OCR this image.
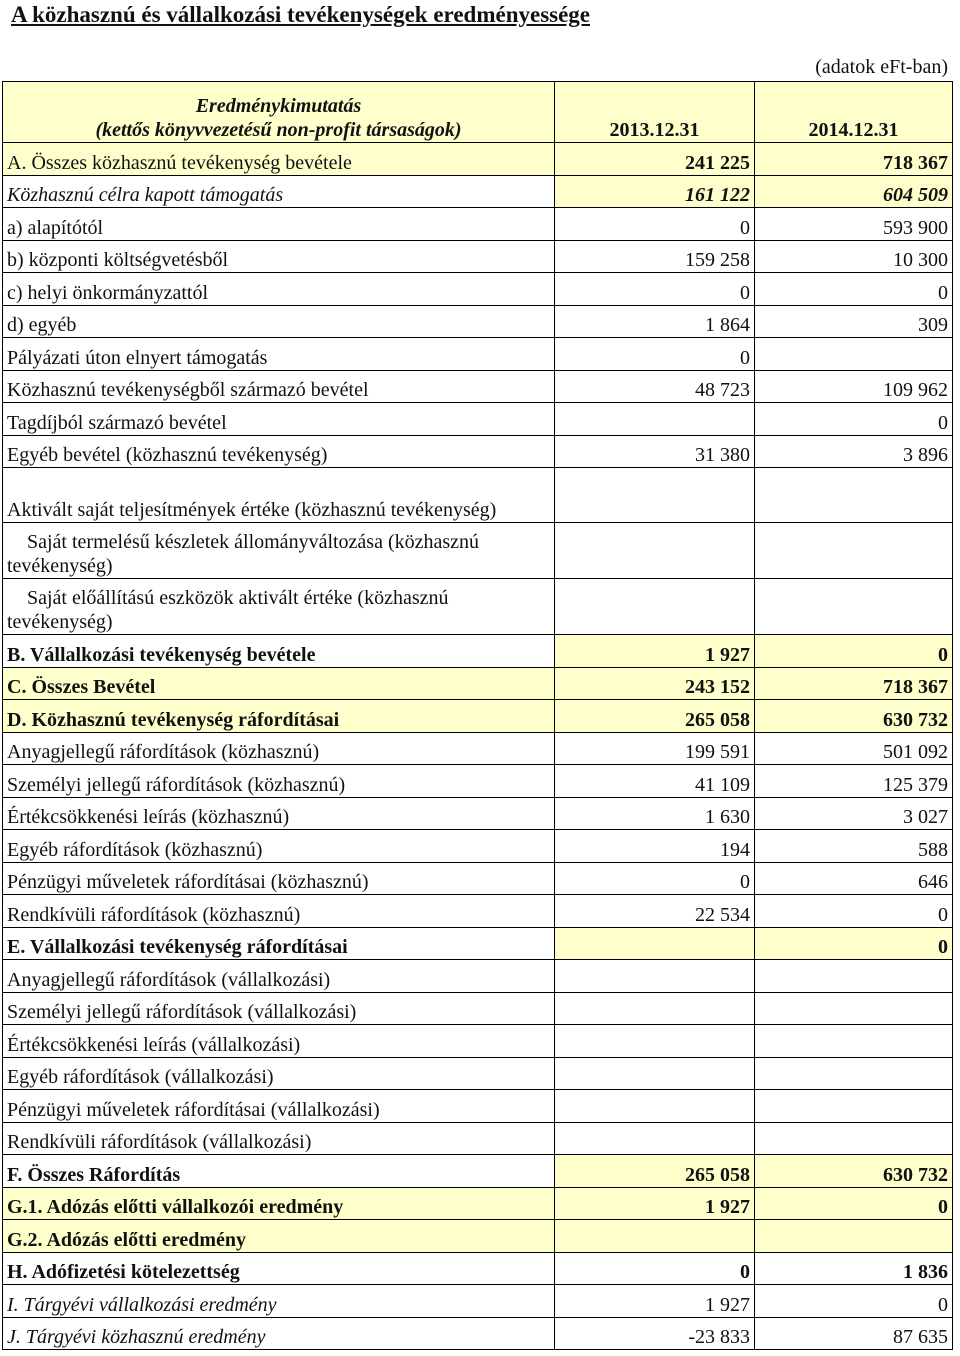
A közhasznú és vállalkozási tevékenységek eredményessége
(adatok eFt-ban)
Eredménykimutatás
(kettős könyvvezetésű non-profit társaságok)	2013.12.31	2014.12.31
A. Összes közhasznú tevékenység bevétele	241 225	718 367
Közhasznú célra kapott támogatás	161 122	604 509
a) alapítótól	0	593 900
b) központi költségvetésből	159 258	10 300
c) helyi önkormányzattól	0	0
d) egyéb	1 864	309
Pályázati úton elnyert támogatás	0	
Közhasznú tevékenységből származó bevétel	48 723	109 962
Tagdíjból származó bevétel		0
Egyéb bevétel (közhasznú tevékenység)	31 380	3 896
Aktivált saját teljesítmények értéke (közhasznú tevékenység)		
Saját termelésű készletek állományváltozása (közhasznú tevékenység)		
Saját előállítású eszközök aktivált értéke (közhasznú tevékenység)		
B. Vállalkozási tevékenység bevétele	1 927	0
C. Összes Bevétel	243 152	718 367
D. Közhasznú tevékenység ráfordításai	265 058	630 732
Anyagjellegű ráfordítások (közhasznú)	199 591	501 092
Személyi jellegű ráfordítások (közhasznú)	41 109	125 379
Értékcsökkenési leírás (közhasznú)	1 630	3 027
Egyéb ráfordítások (közhasznú)	194	588
Pénzügyi műveletek ráfordításai (közhasznú)	0	646
Rendkívüli ráfordítások (közhasznú)	22 534	0
E. Vállalkozási tevékenység ráfordításai		0
Anyagjellegű ráfordítások (vállalkozási)		
Személyi jellegű ráfordítások (vállalkozási)		
Értékcsökkenési leírás (vállalkozási)		
Egyéb ráfordítások (vállalkozási)		
Pénzügyi műveletek ráfordításai (vállalkozási)		
Rendkívüli ráfordítások (vállalkozási)		
F. Összes Ráfordítás	265 058	630 732
G.1. Adózás előtti vállalkozói eredmény	1 927	0
G.2. Adózás előtti eredmény		
H. Adófizetési kötelezettség	0	1 836
I. Tárgyévi vállalkozási eredmény	1 927	0
J. Tárgyévi közhasznú eredmény	-23 833	87 635
